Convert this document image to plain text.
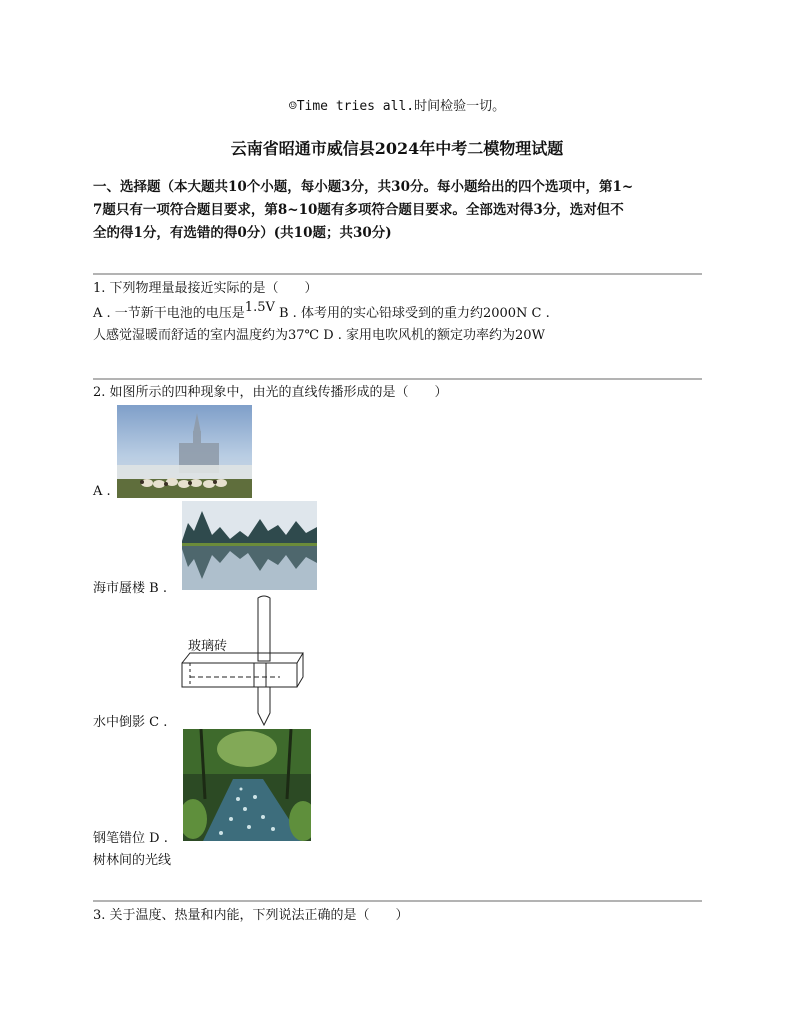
☺Time tries all.时间检验一切。
云南省昭通市威信县2024年中考二模物理试题
一、选择题（本大题共10个小题，每小题3分，共30分。每小题给出的四个选项中，第1~
7题只有一项符合题目要求，第8~10题有多项符合题目要求。全部选对得3分，选对但不
全的得1分，有选错的得0分）(共10题；共30分)
1. 下列物理量最接近实际的是（　　）
A . 一节新干电池的电压是1.5V B . 体考用的实心铅球受到的重力约2000N C .
人感觉湿暖而舒适的室内温度约为37℃ D . 家用电吹风机的额定功率约为20W
2. 如图所示的四种现象中，由光的直线传播形成的是（　　）
A .
海市蜃楼 B .
玻璃砖
水中倒影 C .
钢笔错位 D .
树林间的光线
3. 关于温度、热量和内能，下列说法正确的是（　　）
